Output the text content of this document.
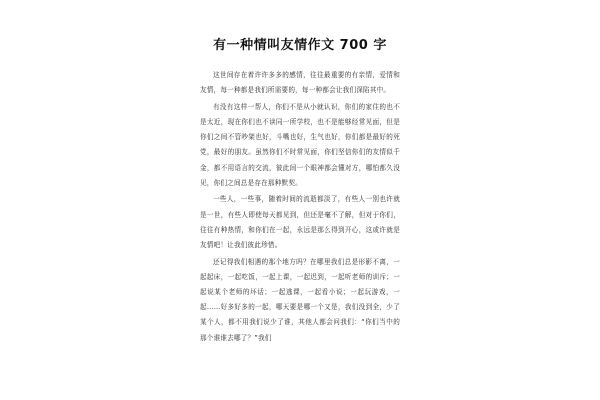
有一种情叫友情作文 700 字

这世间存在着许许多多的感情，往往最重要的有亲情，爱情和友情，每一种都是我们所需要的，每一种都会让我们深陷其中。

有没有这样一帮人，你们不是从小就认识，你们的家住的也不是太近，现在你们也不读同一所学校，也不是能够经常见面，但是你们之间不管吵架也好，斗嘴也好，生气也好，你们都是最好的死党，最好的朋友。虽然你们不时常见面，你们坚信你们的友情似千金，都不用语言的交流，彼此间一个眼神都会懂对方，哪怕都久没见，你们之间总是存在那种默契。

一些人，一些事，随着时间的流逝都淡了，有些人一别也许就是一世，有些人即使每天都见到，但还是毫不了解，但对于你们，往往有种热情，和你们在一起，永远是那么得到开心，这或许就是友情吧！让我们彼此珍惜。

还记得我们相遇的那个地方吗？在哪里我们总是形影不离，一起起床，一起吃饭，一起上课，一起迟到，一起听老师的训斥；一起说某个老师的坏话；一起逃课，一起看小说；一起玩游戏，一起……好多好多的一起，哪天要是哪一个又是，我们没到全，少了某个人，都不用我们说少了谁，其他人都会问我们：“你们当中的那个谁谁去哪了？”我们
